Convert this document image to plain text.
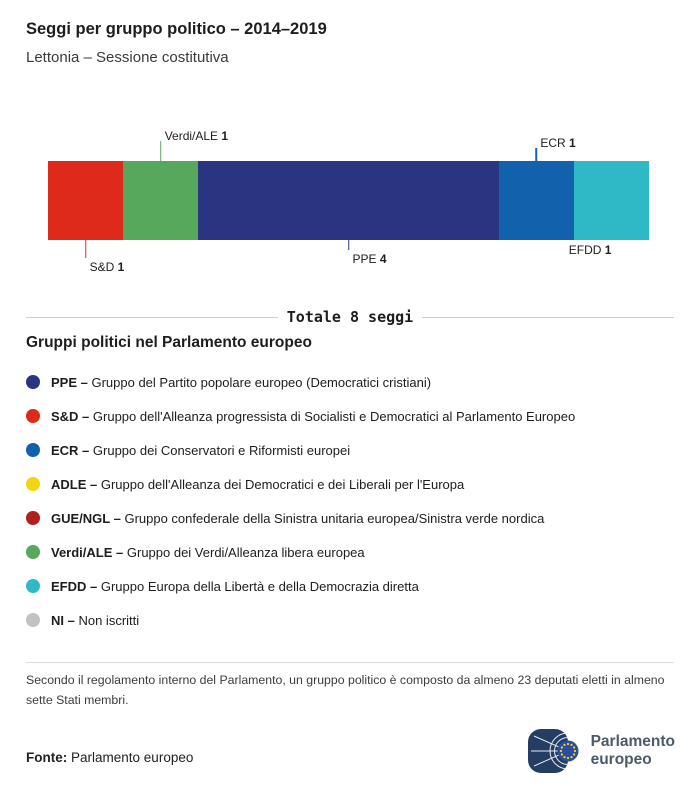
Seggi per gruppo politico – 2014–2019
Lettonia – Sessione costitutiva
S&D 1
Verdi/ALE 1
PPE 4
ECR 1
EFDD 1
Totale 8 seggi
Gruppi politici nel Parlamento europeo
PPE – Gruppo del Partito popolare europeo (Democratici cristiani)
S&D – Gruppo dell'Alleanza progressista di Socialisti e Democratici al Parlamento Europeo
ECR – Gruppo dei Conservatori e Riformisti europei
ADLE – Gruppo dell'Alleanza dei Democratici e dei Liberali per l'Europa
GUE/NGL – Gruppo confederale della Sinistra unitaria europea/Sinistra verde nordica
Verdi/ALE – Gruppo dei Verdi/Alleanza libera europea
EFDD – Gruppo Europa della Libertà e della Democrazia diretta
NI – Non iscritti

Secondo il regolamento interno del Parlamento, un gruppo politico è composto da almeno 23 deputati eletti in almeno sette Stati membri.

Fonte: Parlamento europeo
Parlamento
europeo
